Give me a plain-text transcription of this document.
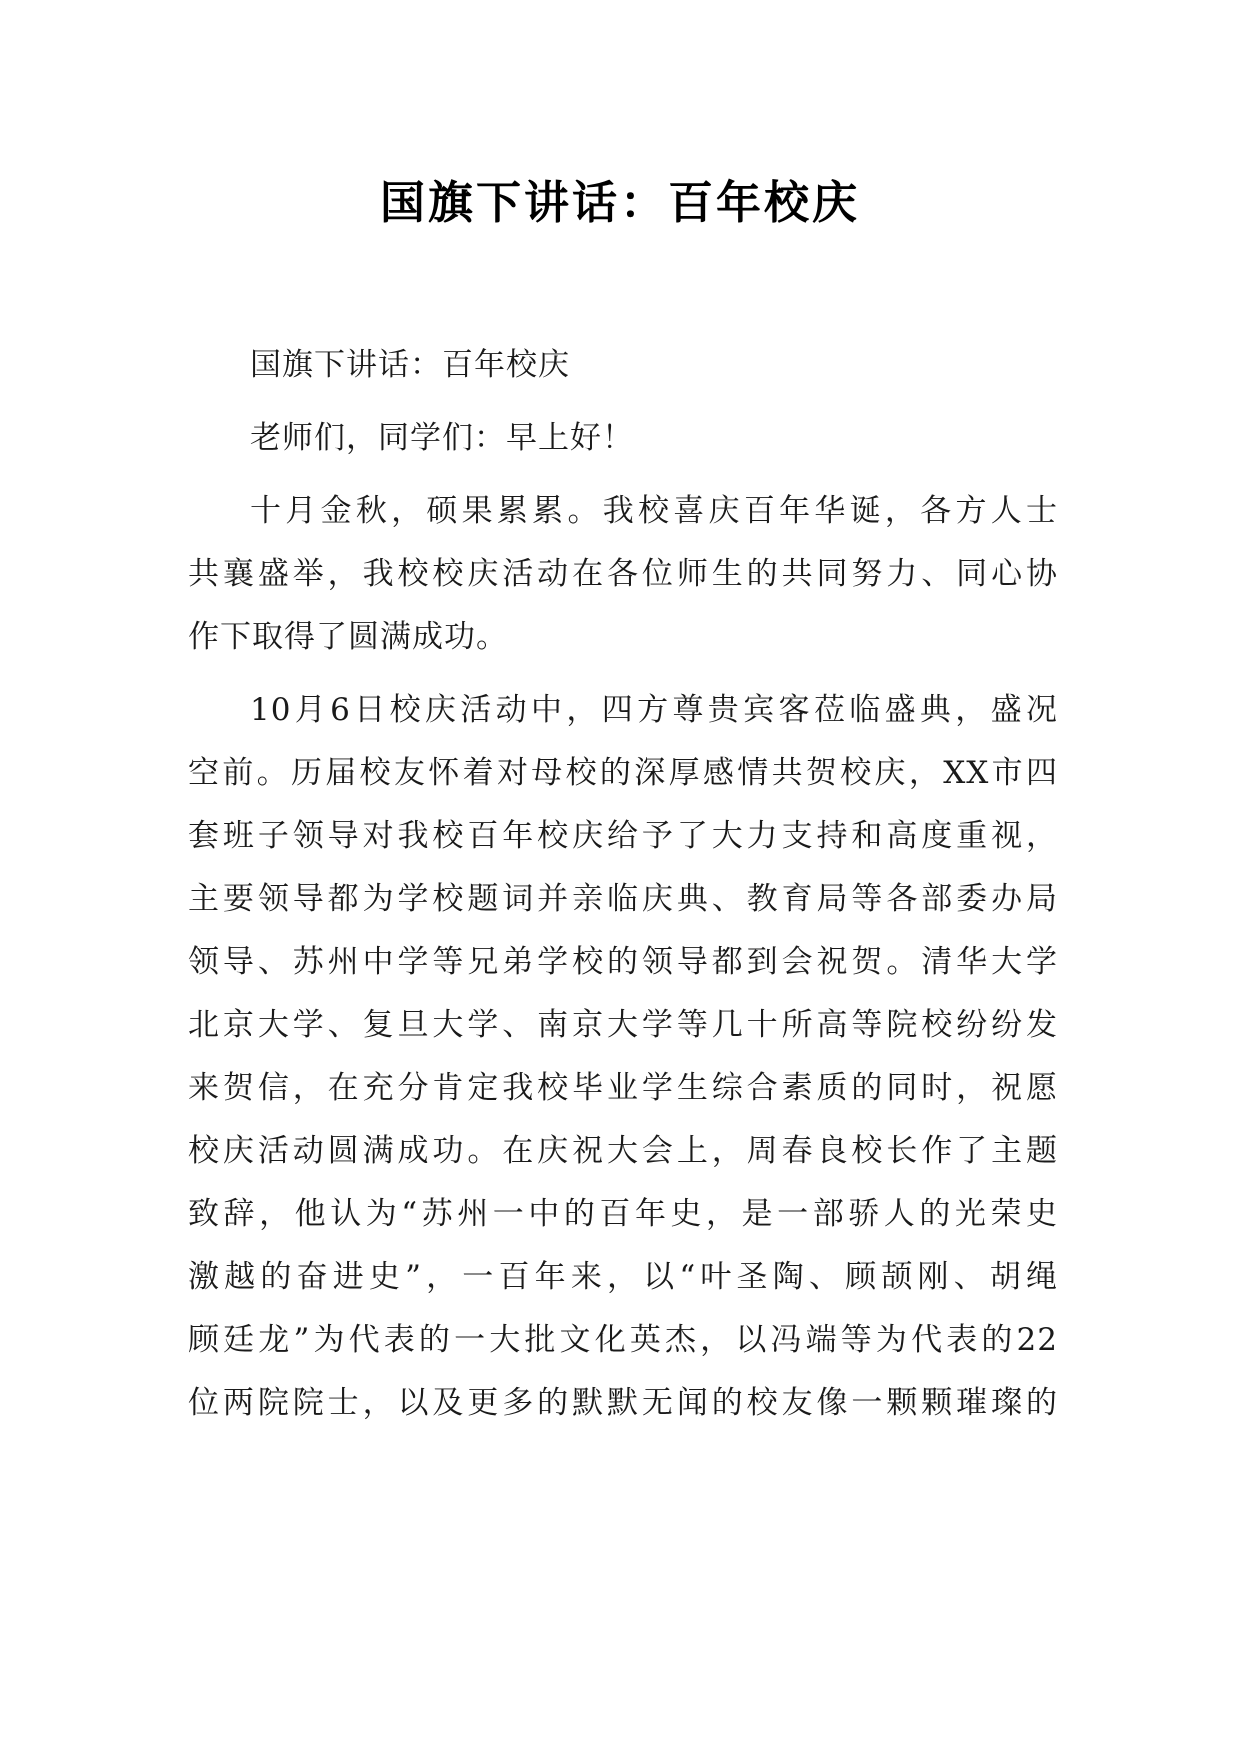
国旗下讲话：百年校庆

国旗下讲话：百年校庆

老师们，同学们：早上好！

十月金秋，硕果累累。我校喜庆百年华诞，各方人士
共襄盛举，我校校庆活动在各位师生的共同努力、同心协
作下取得了圆满成功。

10月6日校庆活动中，四方尊贵宾客莅临盛典，盛况
空前。历届校友怀着对母校的深厚感情共贺校庆，XX市四
套班子领导对我校百年校庆给予了大力支持和高度重视，
主要领导都为学校题词并亲临庆典、教育局等各部委办局
领导、苏州中学等兄弟学校的领导都到会祝贺。清华大学
北京大学、复旦大学、南京大学等几十所高等院校纷纷发
来贺信，在充分肯定我校毕业学生综合素质的同时，祝愿
校庆活动圆满成功。在庆祝大会上，周春良校长作了主题
致辞，他认为“苏州一中的百年史，是一部骄人的光荣史
激越的奋进史”，一百年来，以“叶圣陶、顾颉刚、胡绳
顾廷龙”为代表的一大批文化英杰，以冯端等为代表的22
位两院院士，以及更多的默默无闻的校友像一颗颗璀璨的
